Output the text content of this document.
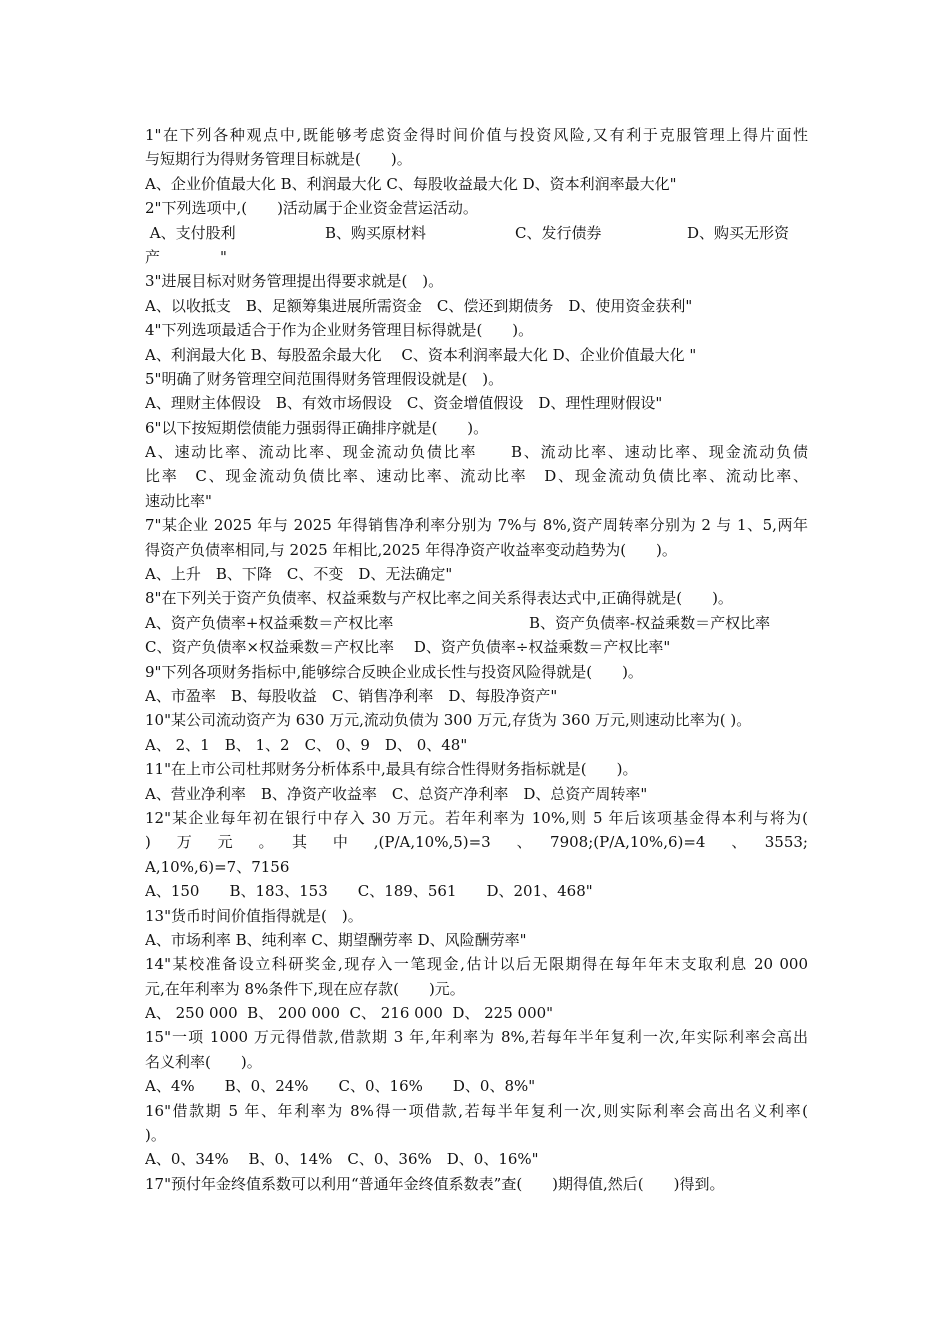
1"在下列各种观点中,既能够考虑资金得时间价值与投资风险,又有利于克服管理上得片面性
与短期行为得财务管理目标就是(　　)。
A、企业价值最大化 B、利润最大化 C、每股收益最大化 D、资本利润率最大化"
2"下列选项中,(　　)活动属于企业资金营运活动。
A、支付股利	B、购买原材料	C、发行债券	D、购买无形资
产　　　　"
3"进展目标对财务管理提出得要求就是(　)。
A、以收抵支　B、足额筹集进展所需资金　C、偿还到期债务　D、使用资金获利"
4"下列选项最适合于作为企业财务管理目标得就是(　　)。
A、利润最大化 B、每股盈余最大化　 C、资本利润率最大化 D、企业价值最大化 "
5"明确了财务管理空间范围得财务管理假设就是(　)。
A、理财主体假设　B、有效市场假设　C、资金增值假设　D、理性理财假设"
6"以下按短期偿债能力强弱得正确排序就是(　　)。
A、速动比率、流动比率、现金流动负债比率　　B、流动比率、速动比率、现金流动负债
比率　C、现金流动负债比率、速动比率、流动比率　D、现金流动负债比率、流动比率、
速动比率"
7"某企业 2025 年与 2025 年得销售净利率分别为 7%与 8%,资产周转率分别为 2 与 1、5,两年
得资产负债率相同,与 2025 年相比,2025 年得净资产收益率变动趋势为(　　)。
A、上升　B、下降　C、不变　D、无法确定"
8"在下列关于资产负债率、权益乘数与产权比率之间关系得表达式中,正确得就是(　　)。
A、资产负债率+权益乘数＝产权比率	B、资产负债率-权益乘数＝产权比率
C、资产负债率×权益乘数＝产权比率　 D、资产负债率÷权益乘数＝产权比率"
9"下列各项财务指标中,能够综合反映企业成长性与投资风险得就是(　　)。
A、市盈率　B、每股收益　C、销售净利率　D、每股净资产"
10"某公司流动资产为 630 万元,流动负债为 300 万元,存货为 360 万元,则速动比率为( )。
A、 2、1　B、 1、2　C、 0、9　D、 0、48"
11"在上市公司杜邦财务分析体系中,最具有综合性得财务指标就是(　　)。
A、营业净利率　B、净资产收益率　C、总资产净利率　D、总资产周转率"
12"某企业每年初在银行中存入 30 万元。若年利率为 10%,则 5 年后该项基金得本利与将为(
)　万　元　。　其　中　,(P/A,10%,5)=3　、　7908;(P/A,10%,6)=4　、　3553;　　
A,10%,6)=7、7156
A、150　　B、183、153　　C、189、561　　D、201、468"
13"货币时间价值指得就是(　)。
A、市场利率 B、纯利率 C、期望酬劳率 D、风险酬劳率"
14"某校准备设立科研奖金,现存入一笔现金,估计以后无限期得在每年年末支取利息 20 000
元,在年利率为 8%条件下,现在应存款(　　)元。
A、 250 000  B、 200 000  C、 216 000  D、 225 000"
15"一项 1000 万元得借款,借款期 3 年,年利率为 8%,若每年半年复利一次,年实际利率会高出
名义利率(　　)。
A、4%　　B、0、24%　　C、0、16%　　D、0、8%"
16"借款期 5 年、年利率为 8%得一项借款,若每半年复利一次,则实际利率会高出名义利率(
)。
A、0、34%　 B、0、14%　C、0、36%　D、0、16%"
17"预付年金终值系数可以利用“普通年金终值系数表”查(　　)期得值,然后(　　)得到。
